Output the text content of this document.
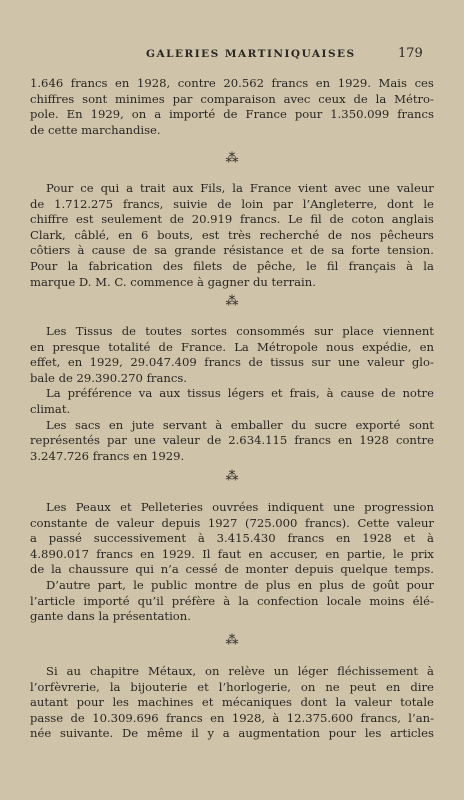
GALERIES MARTINIQUAISES	179
1.646 francs en 1928, contre 20.562 francs en 1929. Mais ces
chiffres sont minimes par comparaison avec ceux de la Métro-
pole. En 1929, on a importé de France pour 1.350.099 francs
de cette marchandise.
⁂
Pour ce qui a trait aux Fils, la France vient avec une valeur
de 1.712.275 francs, suivie de loin par l’Angleterre, dont le
chiffre est seulement de 20.919 francs. Le fil de coton anglais
Clark, câblé, en 6 bouts, est très recherché de nos pêcheurs
côtiers à cause de sa grande résistance et de sa forte tension.
Pour la fabrication des filets de pêche, le fil français à la
marque D. M. C. commence à gagner du terrain.
⁂
Les Tissus de toutes sortes consommés sur place viennent
en presque totalité de France. La Métropole nous expédie, en
effet, en 1929, 29.047.409 francs de tissus sur une valeur glo-
bale de 29.390.270 francs.
La préférence va aux tissus légers et frais, à cause de notre
climat.
Les sacs en jute servant à emballer du sucre exporté sont
représentés par une valeur de 2.634.115 francs en 1928 contre
3.247.726 francs en 1929.
⁂
Les Peaux et Pelleteries ouvrées indiquent une progression
constante de valeur depuis 1927 (725.000 francs). Cette valeur
a passé successivement à 3.415.430 francs en 1928 et à
4.890.017 francs en 1929. Il faut en accuser, en partie, le prix
de la chaussure qui n’a cessé de monter depuis quelque temps.
D’autre part, le public montre de plus en plus de goût pour
l’article importé qu’il préfère à la confection locale moins élé-
gante dans la présentation.
⁂
Si au chapitre Métaux, on relève un léger fléchissement à
l’orfèvrerie, la bijouterie et l’horlogerie, on ne peut en dire
autant pour les machines et mécaniques dont la valeur totale
passe de 10.309.696 francs en 1928, à 12.375.600 francs, l’an-
née suivante. De même il y a augmentation pour les articles
